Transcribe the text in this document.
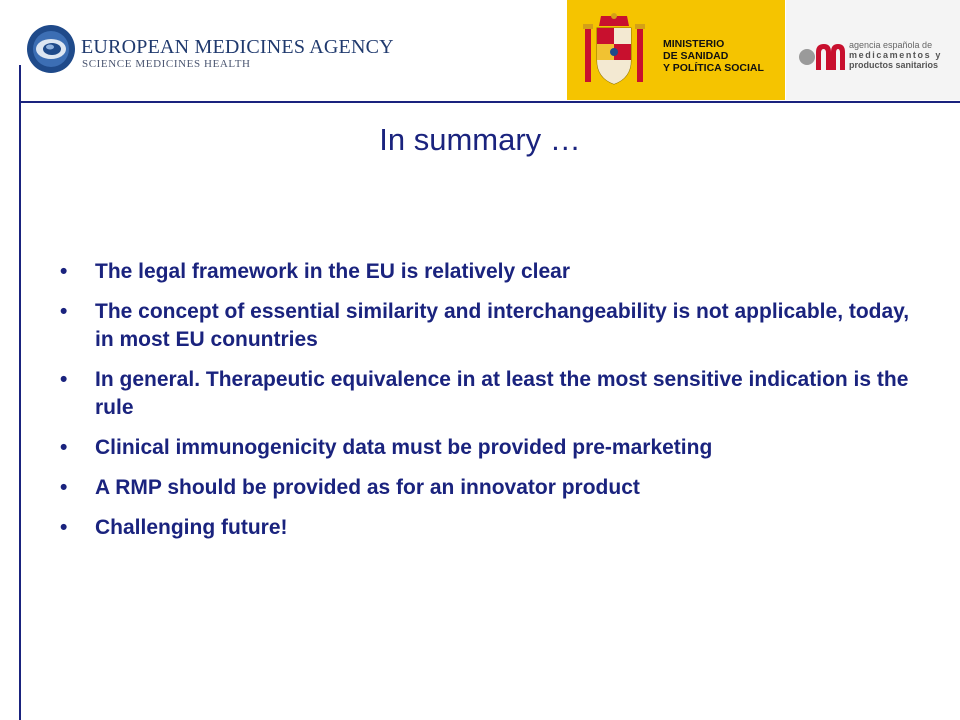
EUROPEAN MEDICINES AGENCY
SCIENCE MEDICINES HEALTH
MINISTERIO
DE SANIDAD
Y POLÍTICA SOCIAL
agencia española de
medicamentos y
productos sanitarios
In summary …
• The legal framework in the EU is relatively clear
• The concept of essential similarity and interchangeability is not applicable, today, in most EU conuntries
• In general. Therapeutic equivalence in at least the most sensitive indication is the rule
• Clinical immunogenicity data must be provided pre-marketing
• A RMP should be provided as for an innovator product
• Challenging future!
